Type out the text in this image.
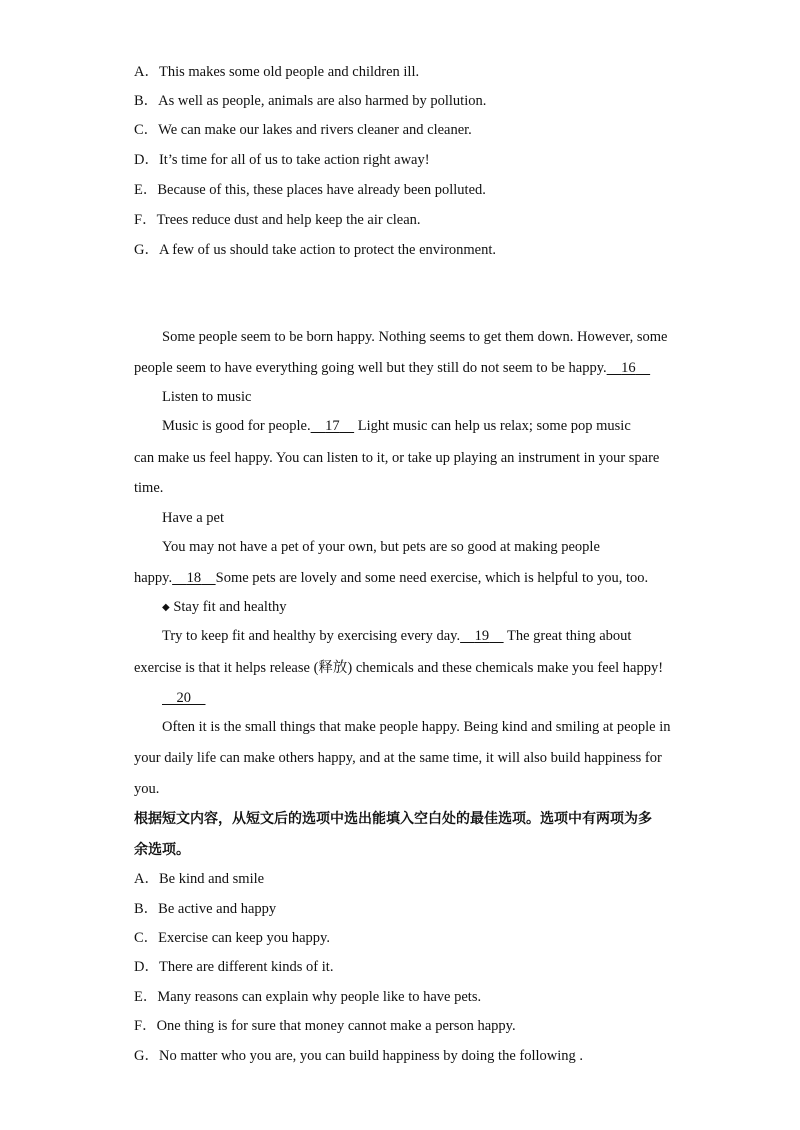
A．This makes some old people and children ill.
B．As well as people, animals are also harmed by pollution.
C．We can make our lakes and rivers cleaner and cleaner.
D．It’s time for all of us to take action right away!
E．Because of this, these places have already been polluted.
F．Trees reduce dust and help keep the air clean.
G．A few of us should take action to protect the environment.
Some people seem to be born happy. Nothing seems to get them down. However, some
people seem to have everything going well but they still do not seem to be happy. 16
Listen to music
Music is good for people. 17 Light music can help us relax; some pop music
can make us feel happy. You can listen to it, or take up playing an instrument in your spare
time.
Have a pet
You may not have a pet of your own, but pets are so good at making people
happy. 18 Some pets are lovely and some need exercise, which is helpful to you, too.
◆ Stay fit and healthy
Try to keep fit and healthy by exercising every day. 19 The great thing about
exercise is that it helps release (释放) chemicals and these chemicals make you feel happy!
20
Often it is the small things that make people happy. Being kind and smiling at people in
your daily life can make others happy, and at the same time, it will also build happiness for
you.
根据短文内容，从短文后的选项中选出能填入空白处的最佳选项。选项中有两项为多
余选项。
A．Be kind and smile
B．Be active and happy
C．Exercise can keep you happy.
D．There are different kinds of it.
E．Many reasons can explain why people like to have pets.
F．One thing is for sure that money cannot make a person happy.
G．No matter who you are, you can build happiness by doing the following .
